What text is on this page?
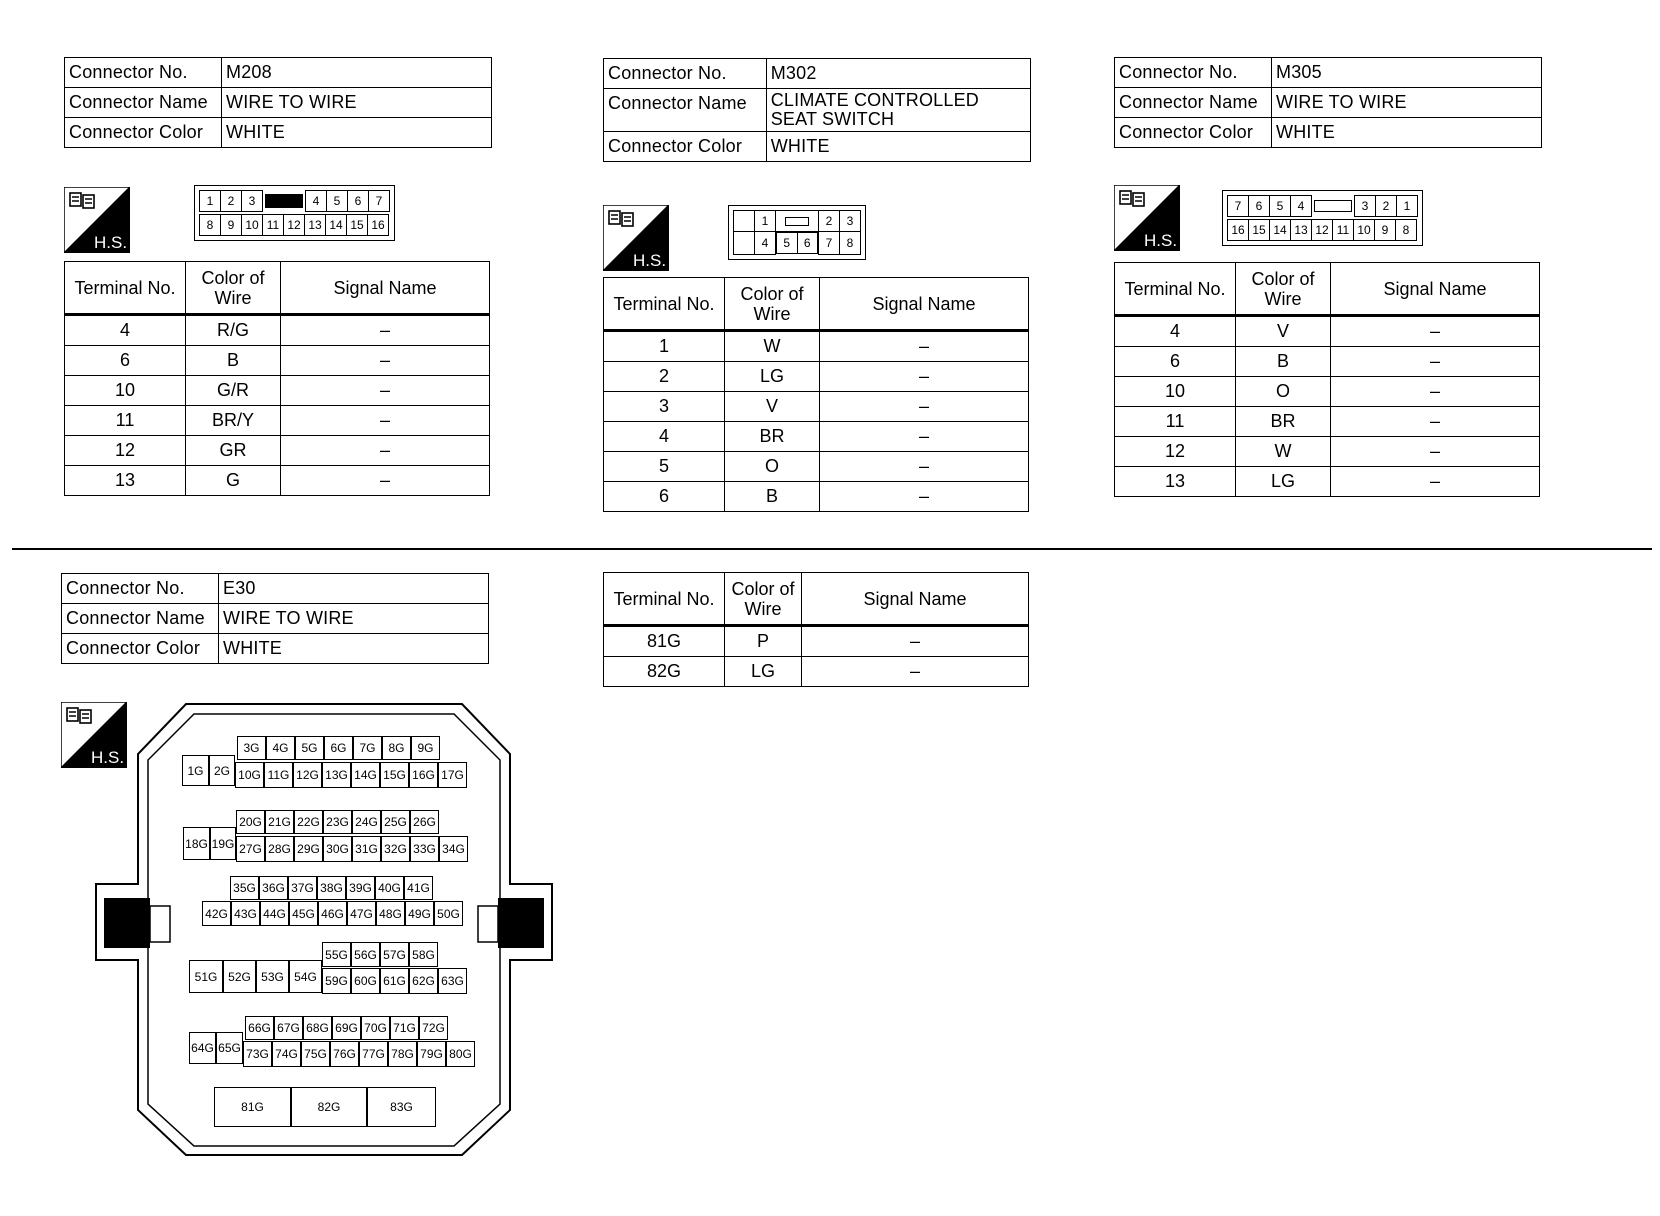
Connector No.	M208
Connector Name	WIRE TO WIRE
Connector Color	WHITE
H.S.
1	2	3		4	5	6	7
8	9	10	11	12	13	14	15	16
Terminal No.	Color of Wire	Signal Name
4	R/G	–
6	B	–
10	G/R	–
11	BR/Y	–
12	GR	–
13	G	–
Connector No.	M302
Connector Name	CLIMATE CONTROLLED SEAT SWITCH
Connector Color	WHITE
H.S.
	1		2	3
	4	5	6
	7	8
Terminal No.	Color of Wire	Signal Name
1	W	–
2	LG	–
3	V	–
4	BR	–
5	O	–
6	B	–
Connector No.	M305
Connector Name	WIRE TO WIRE
Connector Color	WHITE
H.S.
7	6	5	4		3	2	1
16	15	14	13	12	11	10	9	8
Terminal No.	Color of Wire	Signal Name
4	V	–
6	B	–
10	O	–
11	BR	–
12	W	–
13	LG	–
Connector No.	E30
Connector Name	WIRE TO WIRE
Connector Color	WHITE
H.S.
1G 2G
3G	4G	5G	6G	7G	8G	9G
10G 11G 12G 13G 14G 15G 16G 17G
18G 19G
20G 21G 22G 23G 24G 25G 26G
27G 28G 29G 30G 31G 32G 33G 34G
35G 36G 37G 38G 39G 40G 41G
42G 43G 44G 45G 46G 47G 48G 49G 50G
51G 52G 53G 54G
55G 56G 57G 58G
59G 60G 61G 62G 63G
64G 65G
66G 67G 68G 69G 70G 71G 72G
73G 74G 75G 76G 77G 78G 79G 80G
81G	82G	83G
Terminal No.	Color of Wire	Signal Name
81G	P	–
82G	LG	–
